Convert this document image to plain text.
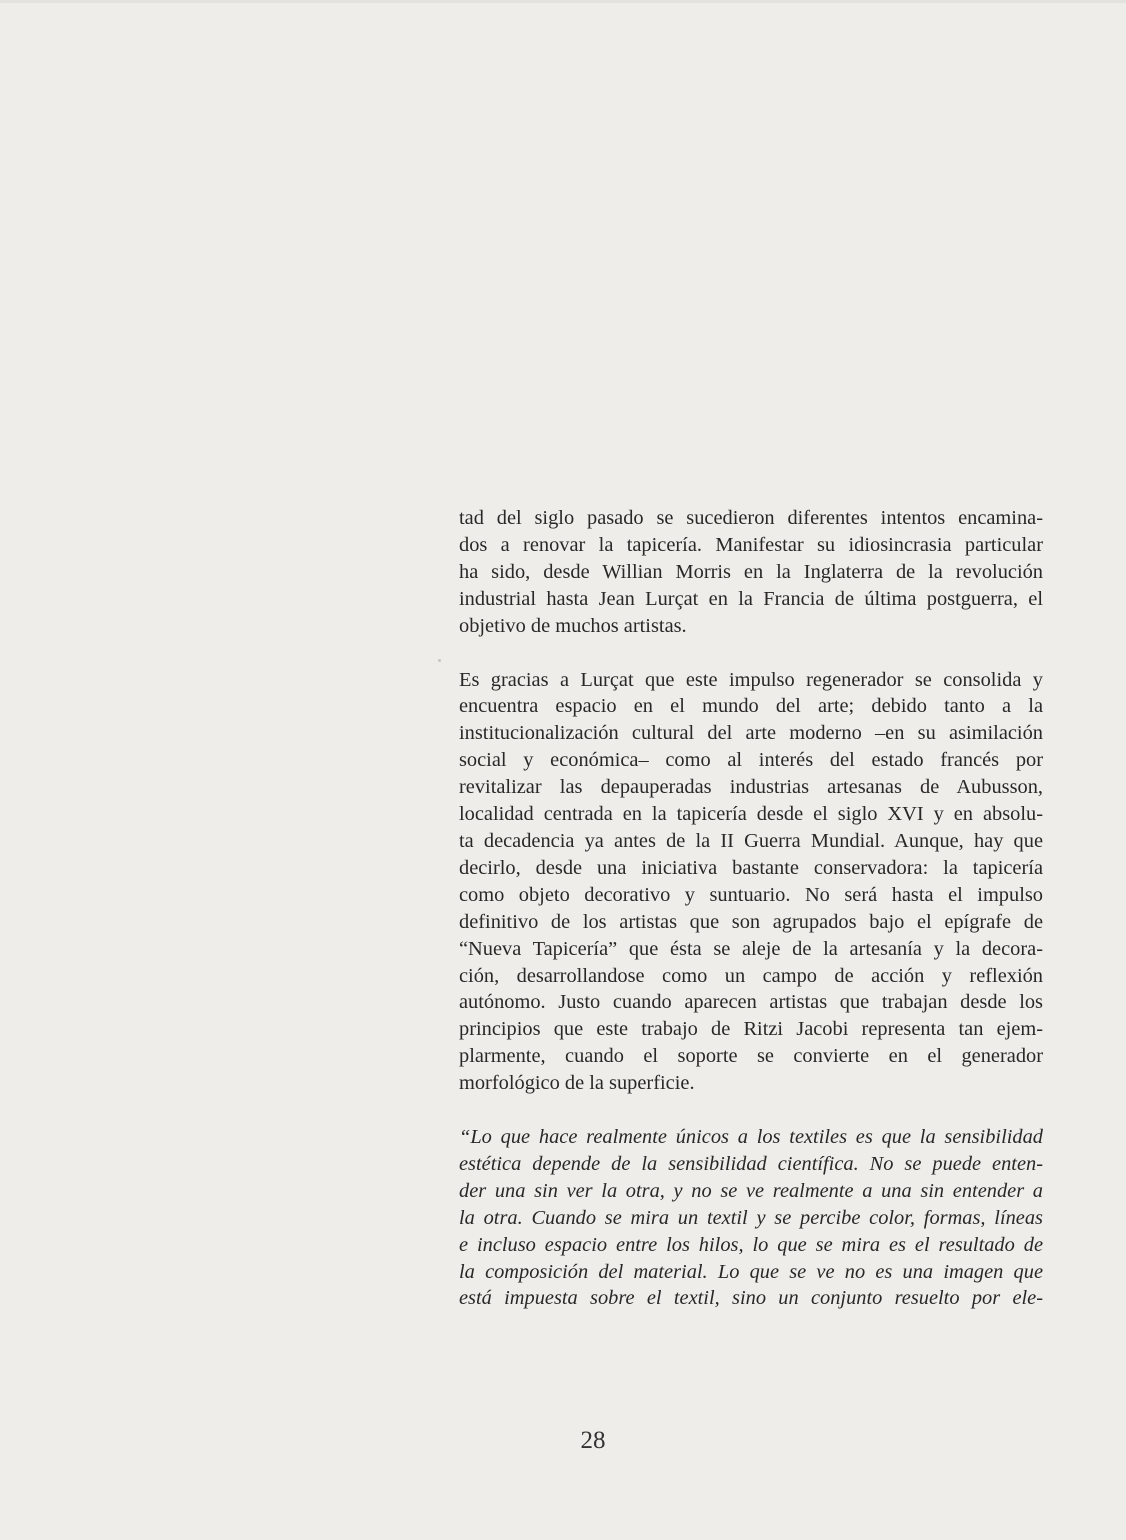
tad del siglo pasado se sucedieron diferentes intentos encamina-
dos a renovar la tapicería. Manifestar su idiosincrasia particular
ha sido, desde Willian Morris en la Inglaterra de la revolución
industrial hasta Jean Lurçat en la Francia de última postguerra, el
objetivo de muchos artistas.
Es gracias a Lurçat que este impulso regenerador se consolida y
encuentra espacio en el mundo del arte; debido tanto a la
institucionalización cultural del arte moderno –en su asimilación
social y económica– como al interés del estado francés por
revitalizar las depauperadas industrias artesanas de Aubusson,
localidad centrada en la tapicería desde el siglo XVI y en absolu-
ta decadencia ya antes de la II Guerra Mundial. Aunque, hay que
decirlo, desde una iniciativa bastante conservadora: la tapicería
como objeto decorativo y suntuario. No será hasta el impulso
definitivo de los artistas que son agrupados bajo el epígrafe de
“Nueva Tapicería” que ésta se aleje de la artesanía y la decora-
ción, desarrollandose como un campo de acción y reflexión
autónomo. Justo cuando aparecen artistas que trabajan desde los
principios que este trabajo de Ritzi Jacobi representa tan ejem-
plarmente, cuando el soporte se convierte en el generador
morfológico de la superficie.
“Lo que hace realmente únicos a los textiles es que la sensibilidad
estética depende de la sensibilidad científica. No se puede enten-
der una sin ver la otra, y no se ve realmente a una sin entender a
la otra. Cuando se mira un textil y se percibe color, formas, líneas
e incluso espacio entre los hilos, lo que se mira es el resultado de
la composición del material. Lo que se ve no es una imagen que
está impuesta sobre el textil, sino un conjunto resuelto por ele-
28
